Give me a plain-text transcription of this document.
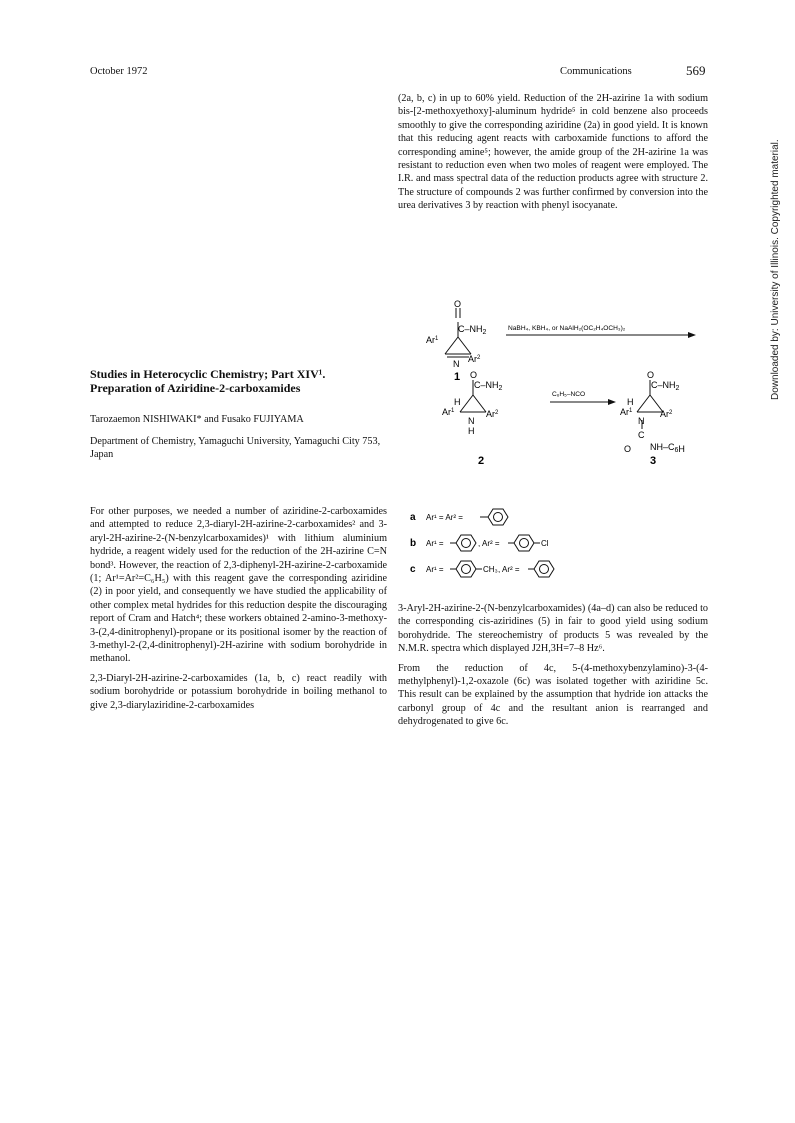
October 1972	Communications	569

(2a, b, c) in up to 60% yield. Reduction of the 2H-azirine 1a with sodium bis-[2-methoxyethoxy]-aluminum hydride⁵ in cold benzene also proceeds smoothly to give the corresponding aziridine (2a) in good yield. It is known that this reducing agent reacts with carboxamide functions to afford the corresponding amine⁵; however, the amide group of the 2H-azirine 1a was resistant to reduction even when two moles of reagent were employed. The I.R. and mass spectral data of the reduction products agree with structure 2. The structure of compounds 2 was further confirmed by conversion into the urea derivatives 3 by reaction with phenyl isocyanate.

O
$C-NH_2$
Ar$^1$
N Ar$^2$
1
NaBH₄, KBH₄, or NaAlH₂(OC₂H₄OCH₃)₂
O
H
$C-NH_2$
Ar$^1$
N
H
Ar$^2$
2
C₆H₅–NCO
O
H
$C-NH_2$
Ar$^1$
N
Ar$^2$
C
O $NH-C_6H$
3
a Ar¹ = Ar² =
b Ar¹ =	, Ar² =	Cl
c Ar¹ =	CH₃ , Ar² =
Studies in Heterocyclic Chemistry; Part XIV¹.
Preparation of Aziridine-2-carboxamides
Tarozaemon NISHIWAKI* and Fusako FUJIYAMA
Department of Chemistry, Yamaguchi University, Yamaguchi City 753, Japan

For other purposes, we needed a number of aziridine-2-carboxamides and attempted to reduce 2,3-diaryl-2H-azirine-2-carboxamides² and 3-aryl-2H-azirine-2-(N-benzylcarboxamides)¹ with lithium aluminium hydride, a reagent widely used for the reduction of the 2H-azirine C=N bond³. However, the reaction of 2,3-diphenyl-2H-azirine-2-carboxamide (1; Ar¹=Ar²=C₆H₅) with this reagent gave the corresponding aziridine (2) in poor yield, and consequently we have studied the applicability of other complex metal hydrides for this reduction despite the discouraging report of Cram and Hatch⁴; these workers obtained 2-amino-3-methoxy-3-(2,4-dinitrophenyl)-propane or its positional isomer by the reaction of 3-methyl-2-(2,4-dinitrophenyl)-2H-azirine with sodium borohydride in methanol.

2,3-Diaryl-2H-azirine-2-carboxamides (1a, b, c) react readily with sodium borohydride or potassium borohydride in boiling methanol to give 2,3-diarylaziridine-2-carboxamides

3-Aryl-2H-azirine-2-(N-benzylcarboxamides) (4a–d) can also be reduced to the corresponding cis-aziridines (5) in fair to good yield using sodium borohydride. The stereochemistry of products 5 was revealed by the N.M.R. spectra which displayed J2H,3H=7–8 Hz⁶.

From the reduction of 4c, 5-(4-methoxybenzylamino)-3-(4-methylphenyl)-1,2-oxazole (6c) was isolated together with aziridine 5c. This result can be explained by the assumption that hydride ion attacks the carbonyl group of 4c and the resultant anion is rearranged and dehydrogenated to give 6c.

Downloaded by: University of Illinois. Copyrighted material.
